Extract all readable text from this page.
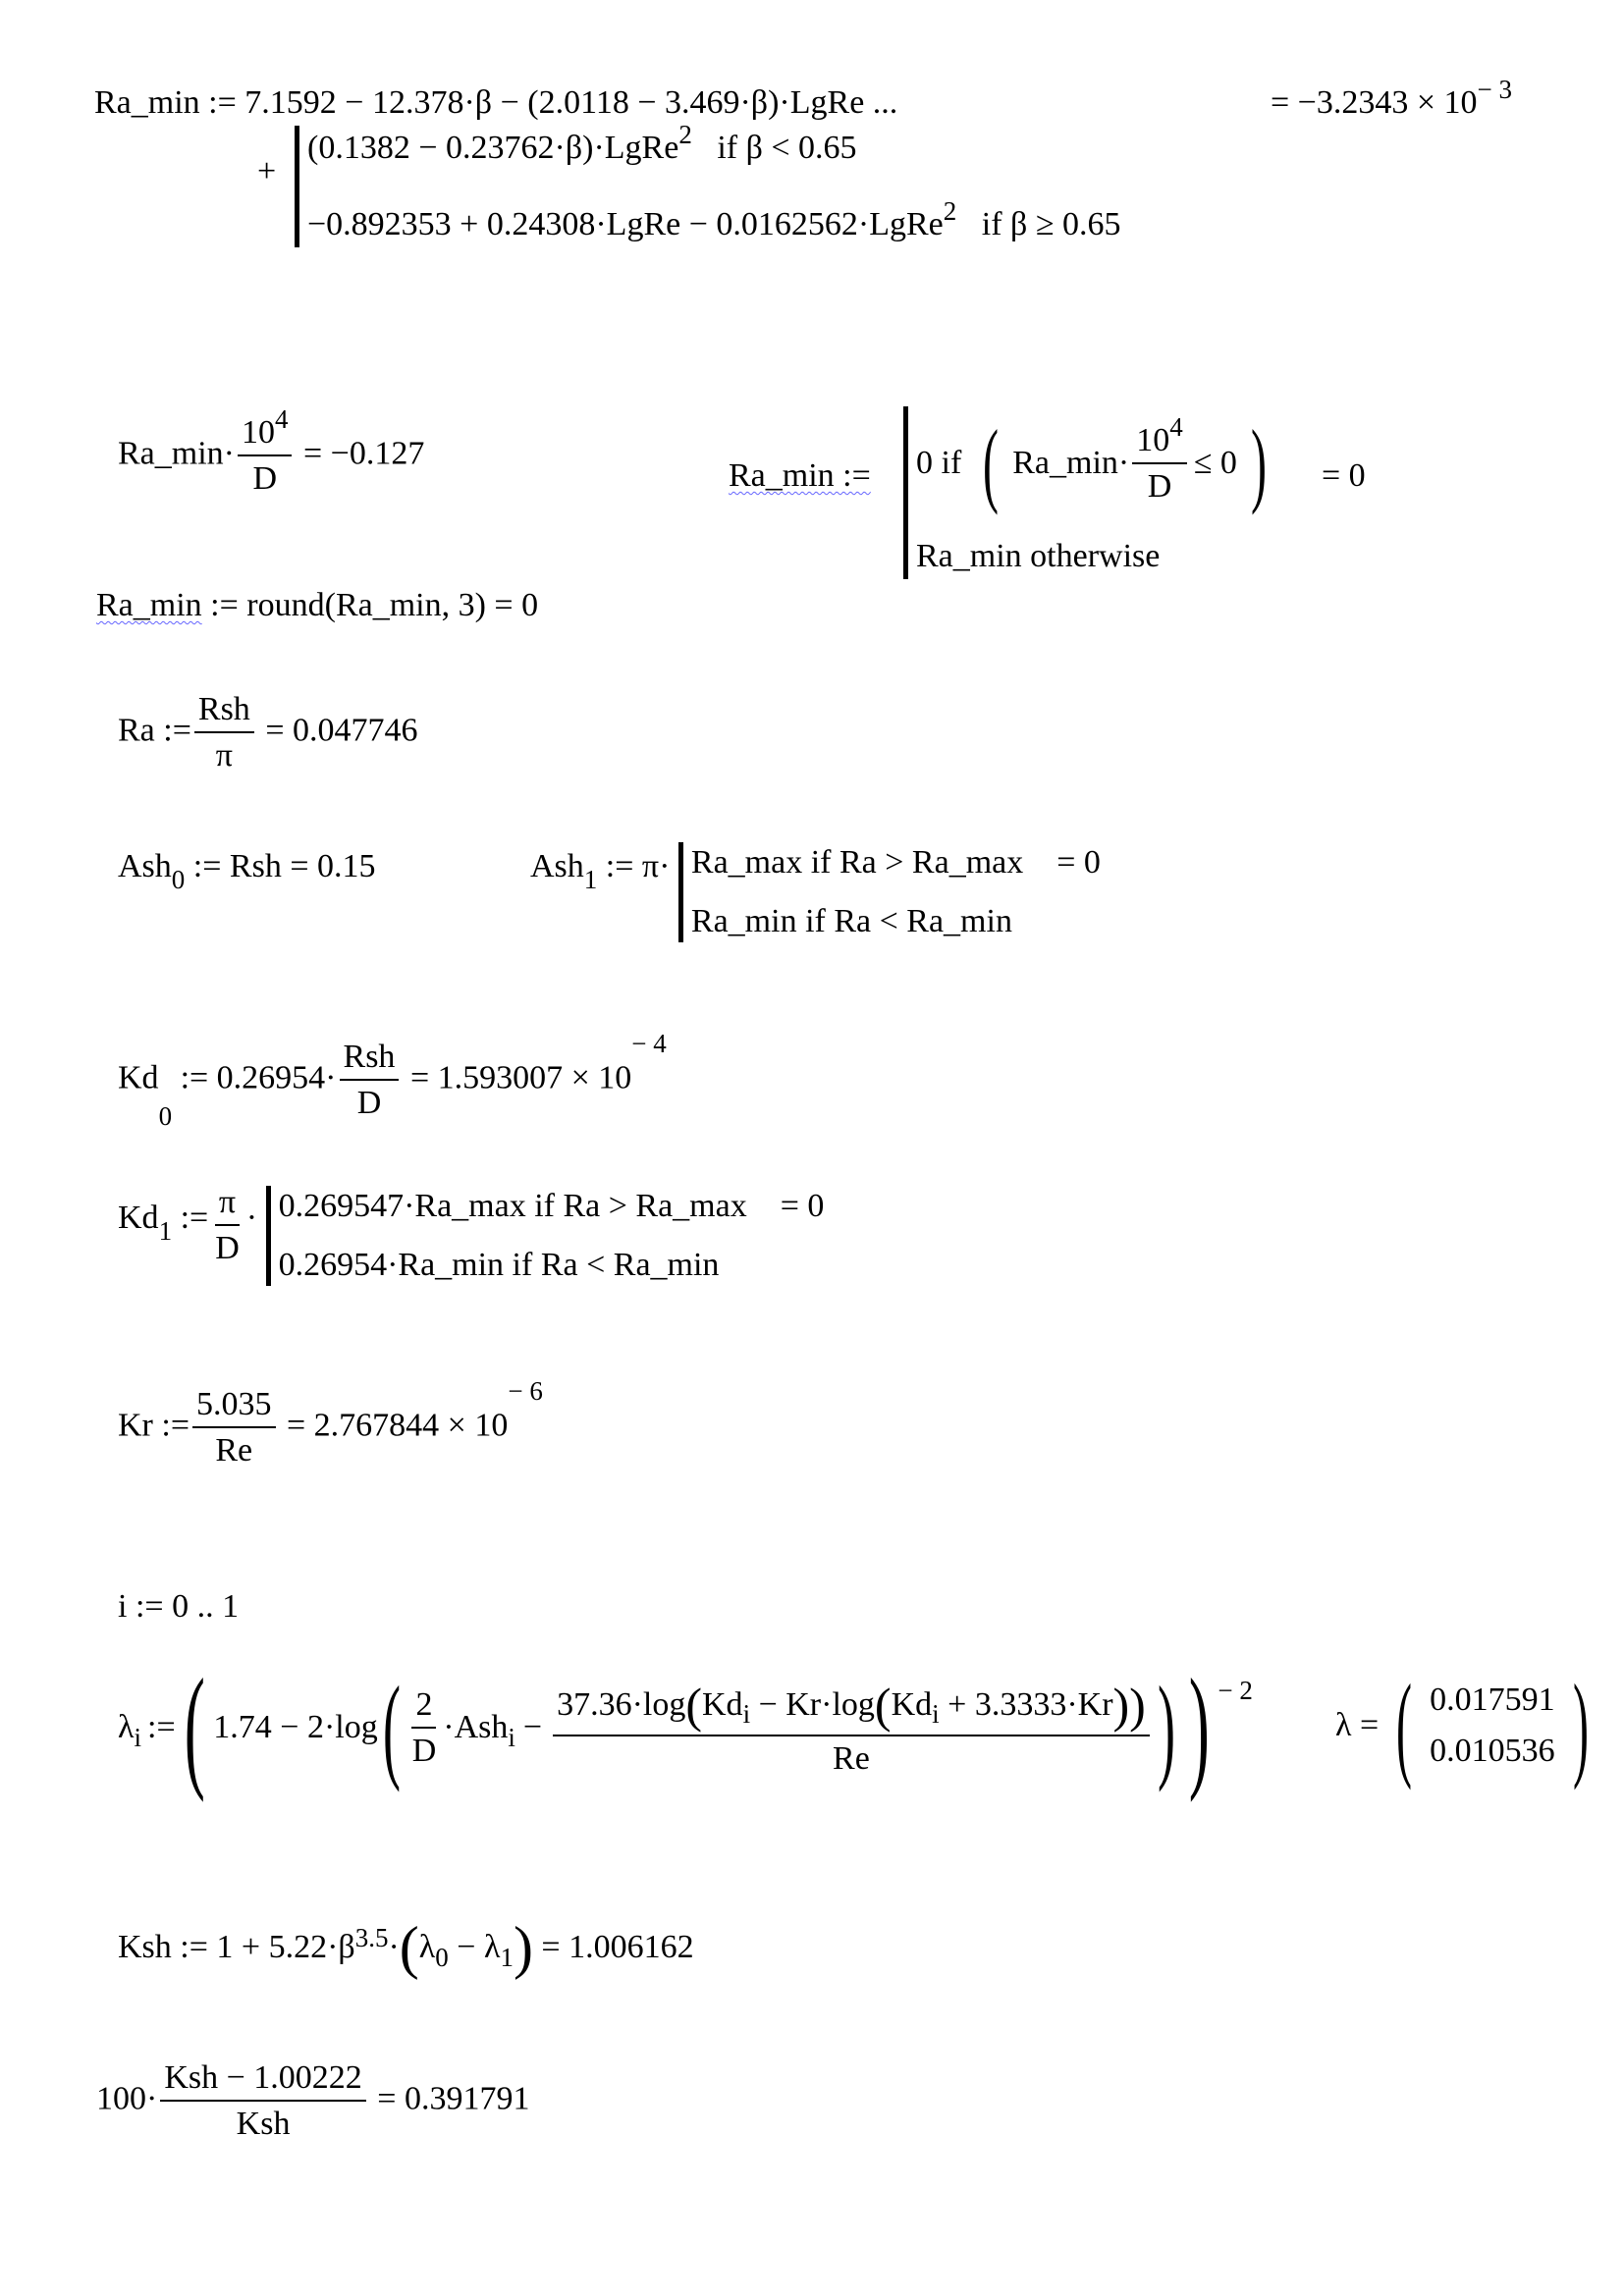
Ra_min := 7.1592 − 12.378·β − (2.0118 − 3.469·β)·LgRe ...	= $-3.2343 \times 10^{- 3}$
+
(0.1382 − 0.23762·β)·LgRe$^2$ if β < 0.65
−0.892353 + 0.24308·LgRe − 0.0162562·LgRe$^2$ if β ≥ 0.65
Ra_min· $\frac{10^4}{D} = -0.127$
Ra_min := 0 if ( Ra_min· $\frac{10^4}{D} \le 0$ )
Ra_min otherwise
= 0
Ra_min := round(Ra_min, 3) = 0
Ra := $\frac{\text{Rsh}}{\pi} = 0.047746$
Ash$_0$ := Rsh = 0.15	Ash$_1$ := π· Ra_max if Ra > Ra_max = 0
Ra_min if Ra < Ra_min
$Kd_0$ := $0.26954\cdot \frac{\text{Rsh}}{D} = 1.593007 \times 10^{- 4}$
$Kd_1$ := $\frac{\pi}{D}$ · 0.269547·Ra_max if Ra > Ra_max = 0
0.26954·Ra_min if Ra < Ra_min
Kr := $\frac{5.035}{Re} = 2.767844 \times 10^{- 6}$
i := 0 .. 1
$\lambda_i$ := ( 1.74 − 2·log ( $\frac{2}{D} \cdot Ash_i - 37.36\cdot\log$ ( $Kd_i$
− Kr·log ( $Kd_i$
+ 3.3333·Kr ))
Re ) ) $^{- 2}$
λ = ( 0.017591
0.010536 )
Ksh := $1 + 5.22\cdot\beta^{3.5}$ · ( $\lambda_0$
− $\lambda_1$ )
= 1.006162
$100\cdot \frac{\text{Ksh − 1.00222}}{\text{Ksh}} = 0.391791$
